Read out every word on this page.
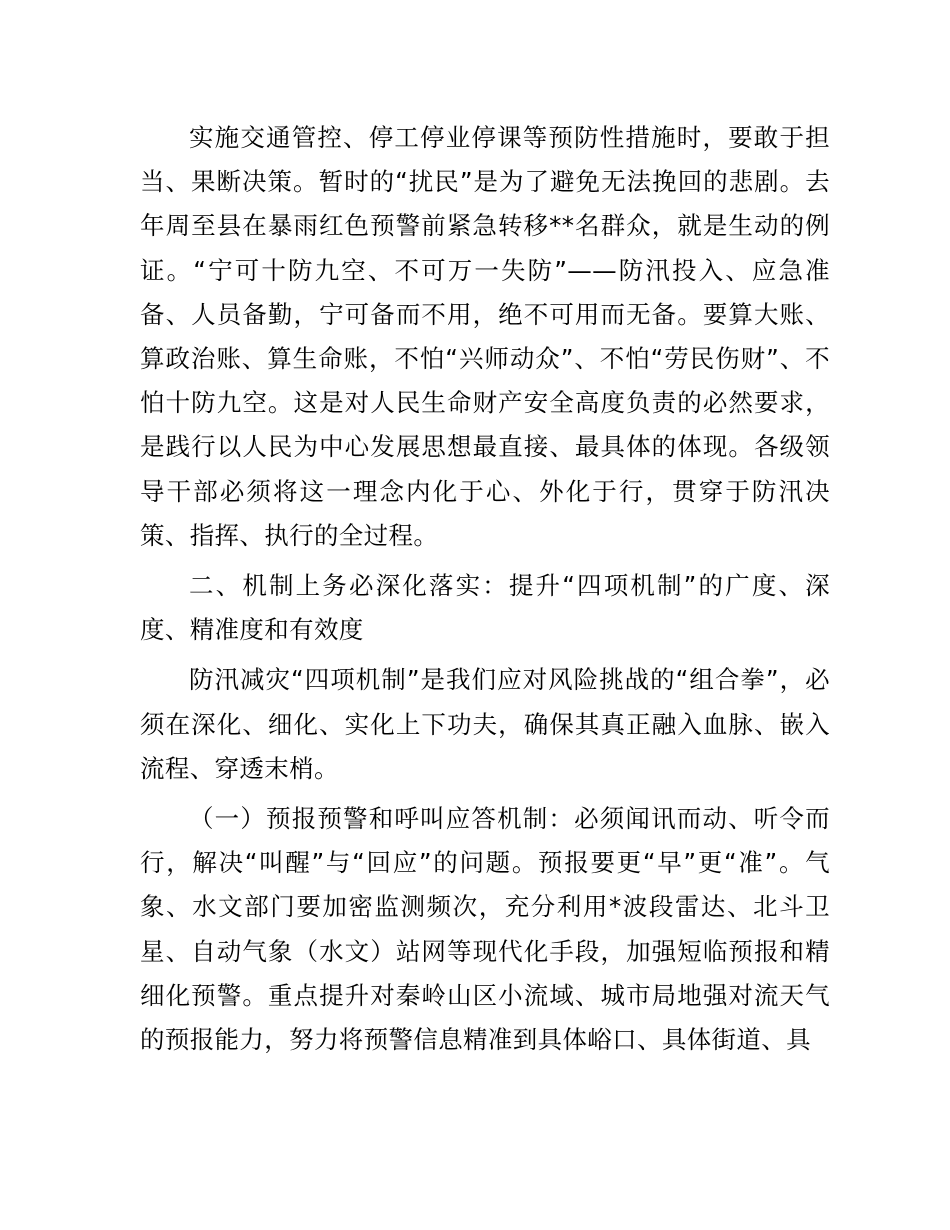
实施交通管控、停工停业停课等预防性措施时，要敢于担当、果断决策。暂时的“扰民”是为了避免无法挽回的悲剧。去年周至县在暴雨红色预警前紧急转移**名群众，就是生动的例证。“宁可十防九空、不可万一失防”——防汛投入、应急准备、人员备勤，宁可备而不用，绝不可用而无备。要算大账、算政治账、算生命账，不怕“兴师动众”、不怕“劳民伤财”、不怕十防九空。这是对人民生命财产安全高度负责的必然要求，是践行以人民为中心发展思想最直接、最具体的体现。各级领导干部必须将这一理念内化于心、外化于行，贯穿于防汛决策、指挥、执行的全过程。

二、机制上务必深化落实：提升“四项机制”的广度、深度、精准度和有效度

防汛减灾“四项机制”是我们应对风险挑战的“组合拳”，必须在深化、细化、实化上下功夫，确保其真正融入血脉、嵌入流程、穿透末梢。

（一）预报预警和呼叫应答机制：必须闻讯而动、听令而行，解决“叫醒”与“回应”的问题。预报要更“早”更“准”。气象、水文部门要加密监测频次，充分利用*波段雷达、北斗卫星、自动气象（水文）站网等现代化手段，加强短临预报和精细化预警。重点提升对秦岭山区小流域、城市局地强对流天气的预报能力，努力将预警信息精准到具体峪口、具体街道、具
